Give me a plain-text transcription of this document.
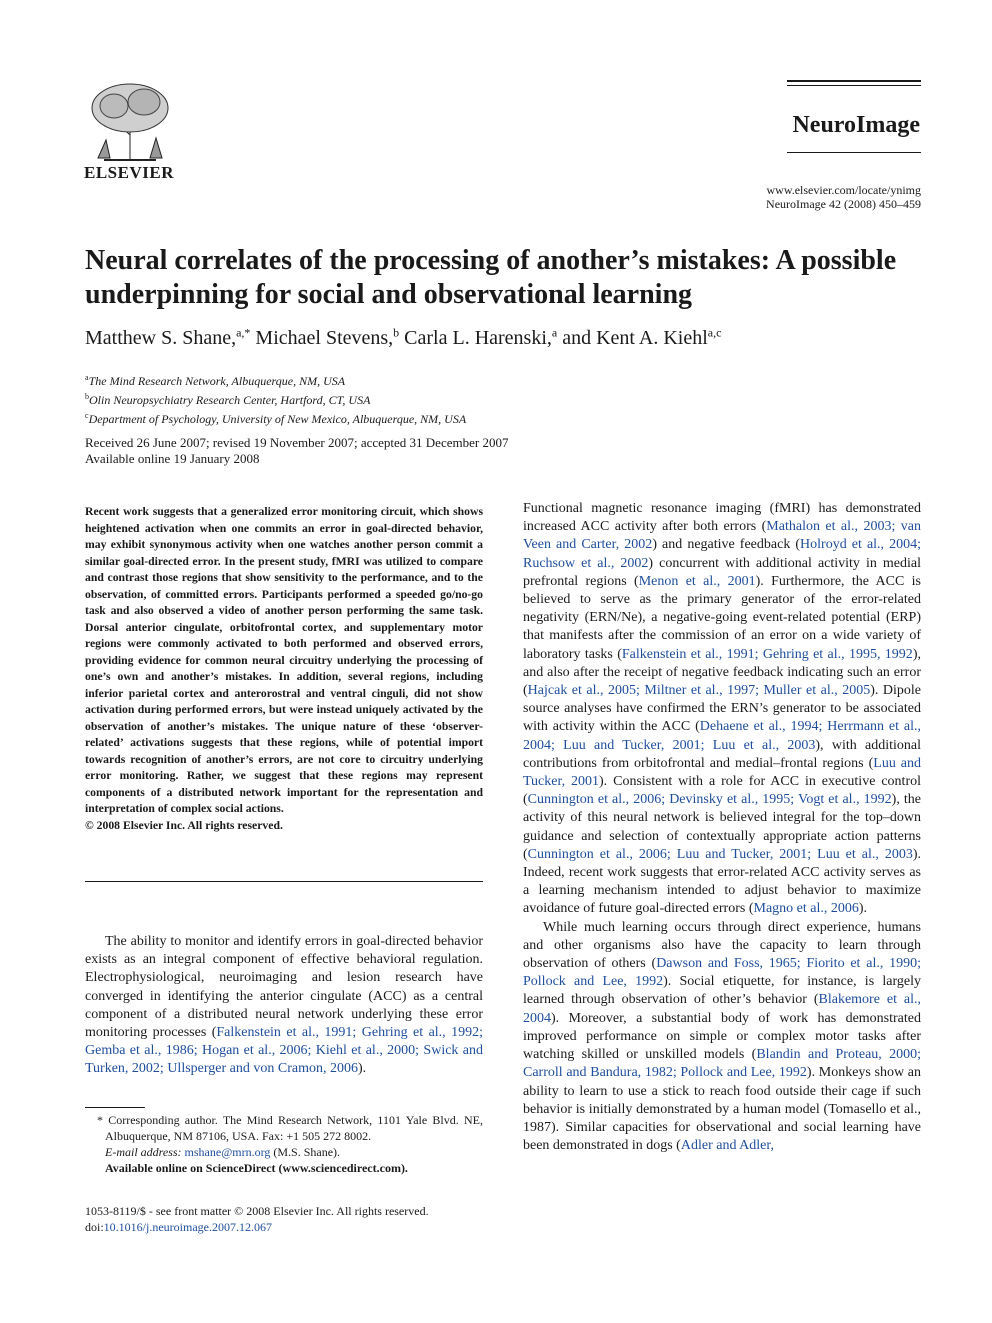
ELSEVIER
NeuroImage
www.elsevier.com/locate/ynimg
NeuroImage 42 (2008) 450–459
Neural correlates of the processing of another’s mistakes: A possible
underpinning for social and observational learning
Matthew S. Shane,$^{a,*}$ Michael Stevens,$^b$ Carla L. Harenski,$^a$ and Kent A. Kiehl$^{a,c}$
$^a$The Mind Research Network, Albuquerque, NM, USA
$^b$Olin Neuropsychiatry Research Center, Hartford, CT, USA
$^c$Department of Psychology, University of New Mexico, Albuquerque, NM, USA
Received 26 June 2007; revised 19 November 2007; accepted 31 December 2007
Available online 19 January 2008
Recent work suggests that a generalized error monitoring circuit, which shows heightened activation when one commits an error in goal-directed behavior, may exhibit synonymous activity when one watches another person commit a similar goal-directed error. In the present study, fMRI was utilized to compare and contrast those regions that show sensitivity to the performance, and to the observation, of committed errors. Participants performed a speeded go/no-go task and also observed a video of another person performing the same task. Dorsal anterior cingulate, orbitofrontal cortex, and supplementary motor regions were commonly activated to both performed and observed errors, providing evidence for common neural circuitry underlying the processing of one’s own and another’s mistakes. In addition, several regions, including inferior parietal cortex and anterorostral and ventral cinguli, did not show activation during performed errors, but were instead uniquely activated by the observation of another’s mistakes. The unique nature of these ‘observer-related’ activations suggests that these regions, while of potential import towards recognition of another’s errors, are not core to circuitry underlying error monitoring. Rather, we suggest that these regions may represent components of a distributed network important for the representation and interpretation of complex social actions.
© 2008 Elsevier Inc. All rights reserved.
The ability to monitor and identify errors in goal-directed behavior exists as an integral component of effective behavioral regulation. Electrophysiological, neuroimaging and lesion research have converged in identifying the anterior cingulate (ACC) as a central component of a distributed neural network underlying these error monitoring processes (Falkenstein et al., 1991; Gehring et al., 1992; Gemba et al., 1986; Hogan et al., 2006; Kiehl et al., 2000; Swick and Turken, 2002; Ullsperger and von Cramon, 2006).
* Corresponding author. The Mind Research Network, 1101 Yale Blvd. NE, Albuquerque, NM 87106, USA. Fax: +1 505 272 8002.
E-mail address: mshane@mrn.org (M.S. Shane).
Available online on ScienceDirect (www.sciencedirect.com).
1053-8119/$ - see front matter © 2008 Elsevier Inc. All rights reserved.
doi:10.1016/j.neuroimage.2007.12.067

Functional magnetic resonance imaging (fMRI) has demonstrated increased ACC activity after both errors (Mathalon et al., 2003; van Veen and Carter, 2002) and negative feedback (Holroyd et al., 2004; Ruchsow et al., 2002) concurrent with additional activity in medial prefrontal regions (Menon et al., 2001). Furthermore, the ACC is believed to serve as the primary generator of the error-related negativity (ERN/Ne), a negative-going event-related potential (ERP) that manifests after the commission of an error on a wide variety of laboratory tasks (Falkenstein et al., 1991; Gehring et al., 1995, 1992), and also after the receipt of negative feedback indicating such an error (Hajcak et al., 2005; Miltner et al., 1997; Muller et al., 2005). Dipole source analyses have confirmed the ERN’s generator to be associated with activity within the ACC (Dehaene et al., 1994; Herrmann et al., 2004; Luu and Tucker, 2001; Luu et al., 2003), with additional contributions from orbitofrontal and medial–frontal regions (Luu and Tucker, 2001). Consistent with a role for ACC in executive control (Cunnington et al., 2006; Devinsky et al., 1995; Vogt et al., 1992), the activity of this neural network is believed integral for the top–down guidance and selection of contextually appropriate action patterns (Cunnington et al., 2006; Luu and Tucker, 2001; Luu et al., 2003). Indeed, recent work suggests that error-related ACC activity serves as a learning mechanism intended to adjust behavior to maximize avoidance of future goal-directed errors (Magno et al., 2006).

While much learning occurs through direct experience, humans and other organisms also have the capacity to learn through observation of others (Dawson and Foss, 1965; Fiorito et al., 1990; Pollock and Lee, 1992). Social etiquette, for instance, is largely learned through observation of other’s behavior (Blakemore et al., 2004). Moreover, a substantial body of work has demonstrated improved performance on simple or complex motor tasks after watching skilled or unskilled models (Blandin and Proteau, 2000; Carroll and Bandura, 1982; Pollock and Lee, 1992). Monkeys show an ability to learn to use a stick to reach food outside their cage if such behavior is initially demonstrated by a human model (Tomasello et al., 1987). Similar capacities for observational and social learning have been demonstrated in dogs (Adler and Adler,
